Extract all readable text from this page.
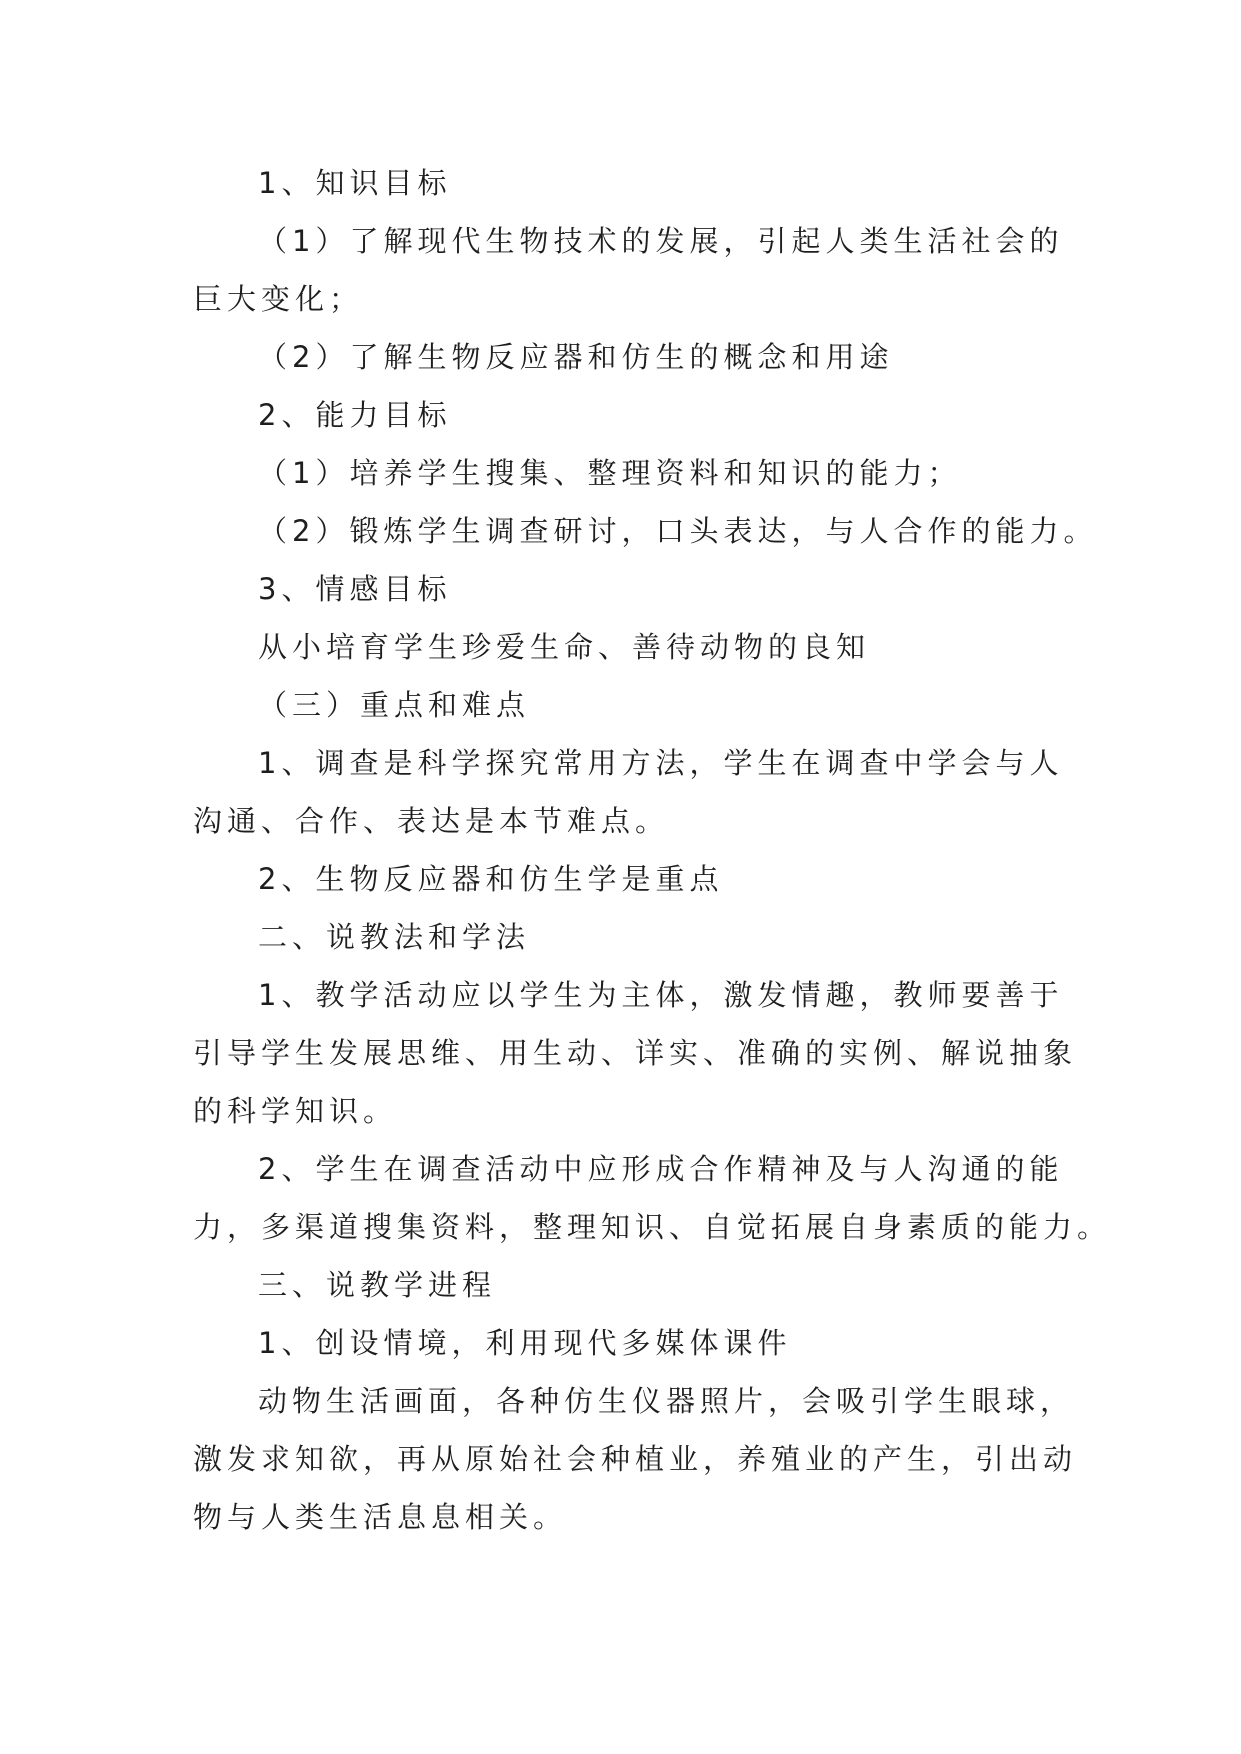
1、知识目标
（1）了解现代生物技术的发展，引起人类生活社会的
巨大变化；
（2）了解生物反应器和仿生的概念和用途
2、能力目标
（1）培养学生搜集、整理资料和知识的能力；
（2）锻炼学生调查研讨，口头表达，与人合作的能力。
3、情感目标
从小培育学生珍爱生命、善待动物的良知
（三）重点和难点
1、调查是科学探究常用方法，学生在调查中学会与人
沟通、合作、表达是本节难点。
2、生物反应器和仿生学是重点
二、说教法和学法
1、教学活动应以学生为主体，激发情趣，教师要善于
引导学生发展思维、用生动、详实、准确的实例、解说抽象
的科学知识。
2、学生在调查活动中应形成合作精神及与人沟通的能
力，多渠道搜集资料，整理知识、自觉拓展自身素质的能力。
三、说教学进程
1、创设情境，利用现代多媒体课件
动物生活画面，各种仿生仪器照片，会吸引学生眼球，
激发求知欲，再从原始社会种植业，养殖业的产生，引出动
物与人类生活息息相关。
